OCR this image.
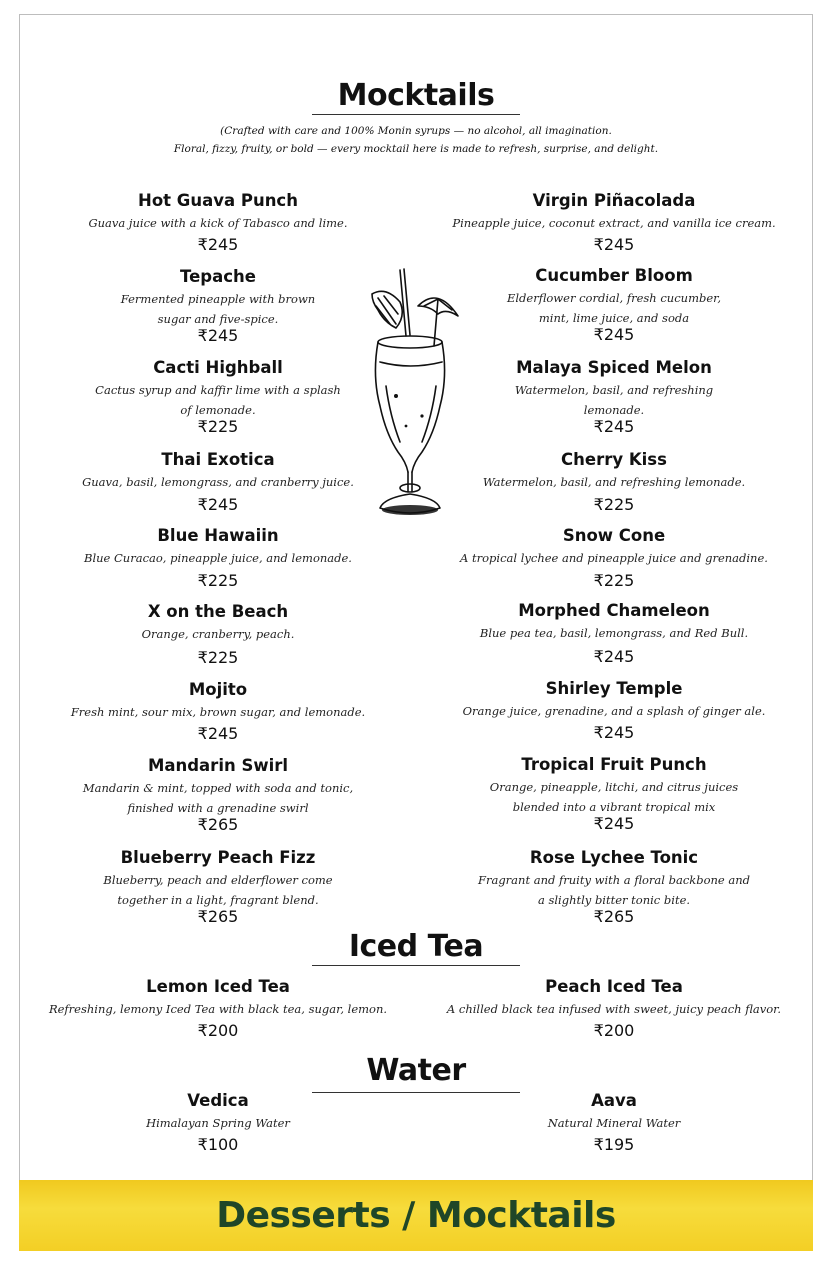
Mocktails
(Crafted with care and 100% Monin syrups — no alcohol, all imagination.
Floral, fizzy, fruity, or bold — every mocktail here is made to refresh, surprise, and delight.
Hot Guava Punch
Guava juice with a kick of Tabasco and lime.
₹245
Tepache
Fermented pineapple with brown sugar and five-spice.
₹245
Cacti Highball
Cactus syrup and kaffir lime with a splash of lemonade.
₹225
Thai Exotica
Guava, basil, lemongrass, and cranberry juice.
₹245
Blue Hawaiin
Blue Curacao, pineapple juice, and lemonade.
₹225
X on the Beach
Orange, cranberry, peach.
₹225
Mojito
Fresh mint, sour mix, brown sugar, and lemonade.
₹245
Mandarin Swirl
Mandarin & mint, topped with soda and tonic, finished with a grenadine swirl
₹265
Blueberry Peach Fizz
Blueberry, peach and elderflower come together in a light, fragrant blend.
₹265
Virgin Piñacolada
Pineapple juice, coconut extract, and vanilla ice cream.
₹245
Cucumber Bloom
Elderflower cordial, fresh cucumber, mint, lime juice, and soda
₹245
Malaya Spiced Melon
Watermelon, basil, and refreshing lemonade.
₹245
Cherry Kiss
Watermelon, basil, and refreshing lemonade.
₹225
Snow Cone
A tropical lychee and pineapple juice and grenadine.
₹225
Morphed Chameleon
Blue pea tea, basil, lemongrass, and Red Bull.
₹245
Shirley Temple
Orange juice, grenadine, and a splash of ginger ale.
₹245
Tropical Fruit Punch
Orange, pineapple, litchi, and citrus juices blended into a vibrant tropical mix
₹245
Rose Lychee Tonic
Fragrant and fruity with a floral backbone and a slightly bitter tonic bite.
₹265
Iced Tea
Lemon Iced Tea
Refreshing, lemony Iced Tea with black tea, sugar, lemon.
₹200
Peach Iced Tea
A chilled black tea infused with sweet, juicy peach flavor.
₹200
Water
Vedica
Himalayan Spring Water
₹100
Aava
Natural Mineral Water
₹195
Desserts / Mocktails
